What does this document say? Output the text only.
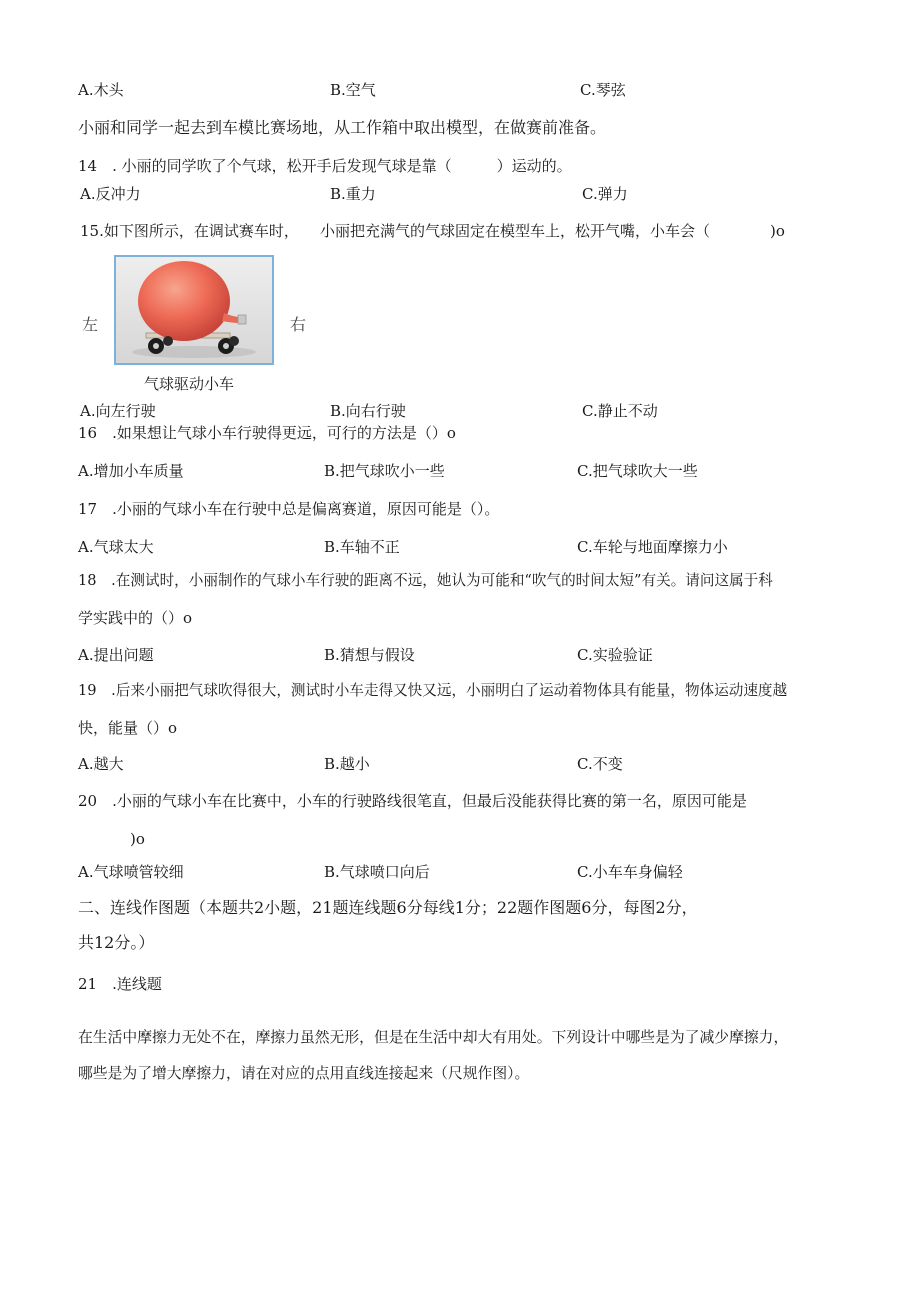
A.木头	B.空气	C.琴弦
小丽和同学一起去到车模比赛场地，从工作箱中取出模型，在做赛前准备。
14　. 小丽的同学吹了个气球，松开手后发现气球是靠（　　　）运动的。
A.反冲力	B.重力	C.弹力
15.如下图所示，在调试赛车时， 小丽把充满气的气球固定在模型车上，松开气嘴，小车会（　　　　)o
左	右
气球驱动小车
A.向左行驶	B.向右行驶	C.静止不动
16　.如果想让气球小车行驶得更远，可行的方法是（）o
A.增加小车质量	B.把气球吹小一些	C.把气球吹大一些
17　.小丽的气球小车在行驶中总是偏离赛道，原因可能是（）。
A.气球太大	B.车轴不正	C.车轮与地面摩擦力小
18　.在测试时，小丽制作的气球小车行驶的距离不远，她认为可能和“吹气的时间太短”有关。请问这属于科
学实践中的（）o
A.提出问题	B.猜想与假设	C.实验验证
19　.后来小丽把气球吹得很大，测试时小车走得又快又远，小丽明白了运动着物体具有能量，物体运动速度越
快，能量（）o
A.越大	B.越小	C.不变
20　.小丽的气球小车在比赛中，小车的行驶路线很笔直，但最后没能获得比赛的第一名，原因可能是
)o
A.气球喷管较细	B.气球喷口向后	C.小车车身偏轻
二、连线作图题（本题共2小题，21题连线题6分每线1分；22题作图题6分，每图2分，
共12分。）
21　.连线题
在生活中摩擦力无处不在，摩擦力虽然无形，但是在生活中却大有用处。下列设计中哪些是为了减少摩擦力，
哪些是为了增大摩擦力，请在对应的点用直线连接起来（尺规作图）。
